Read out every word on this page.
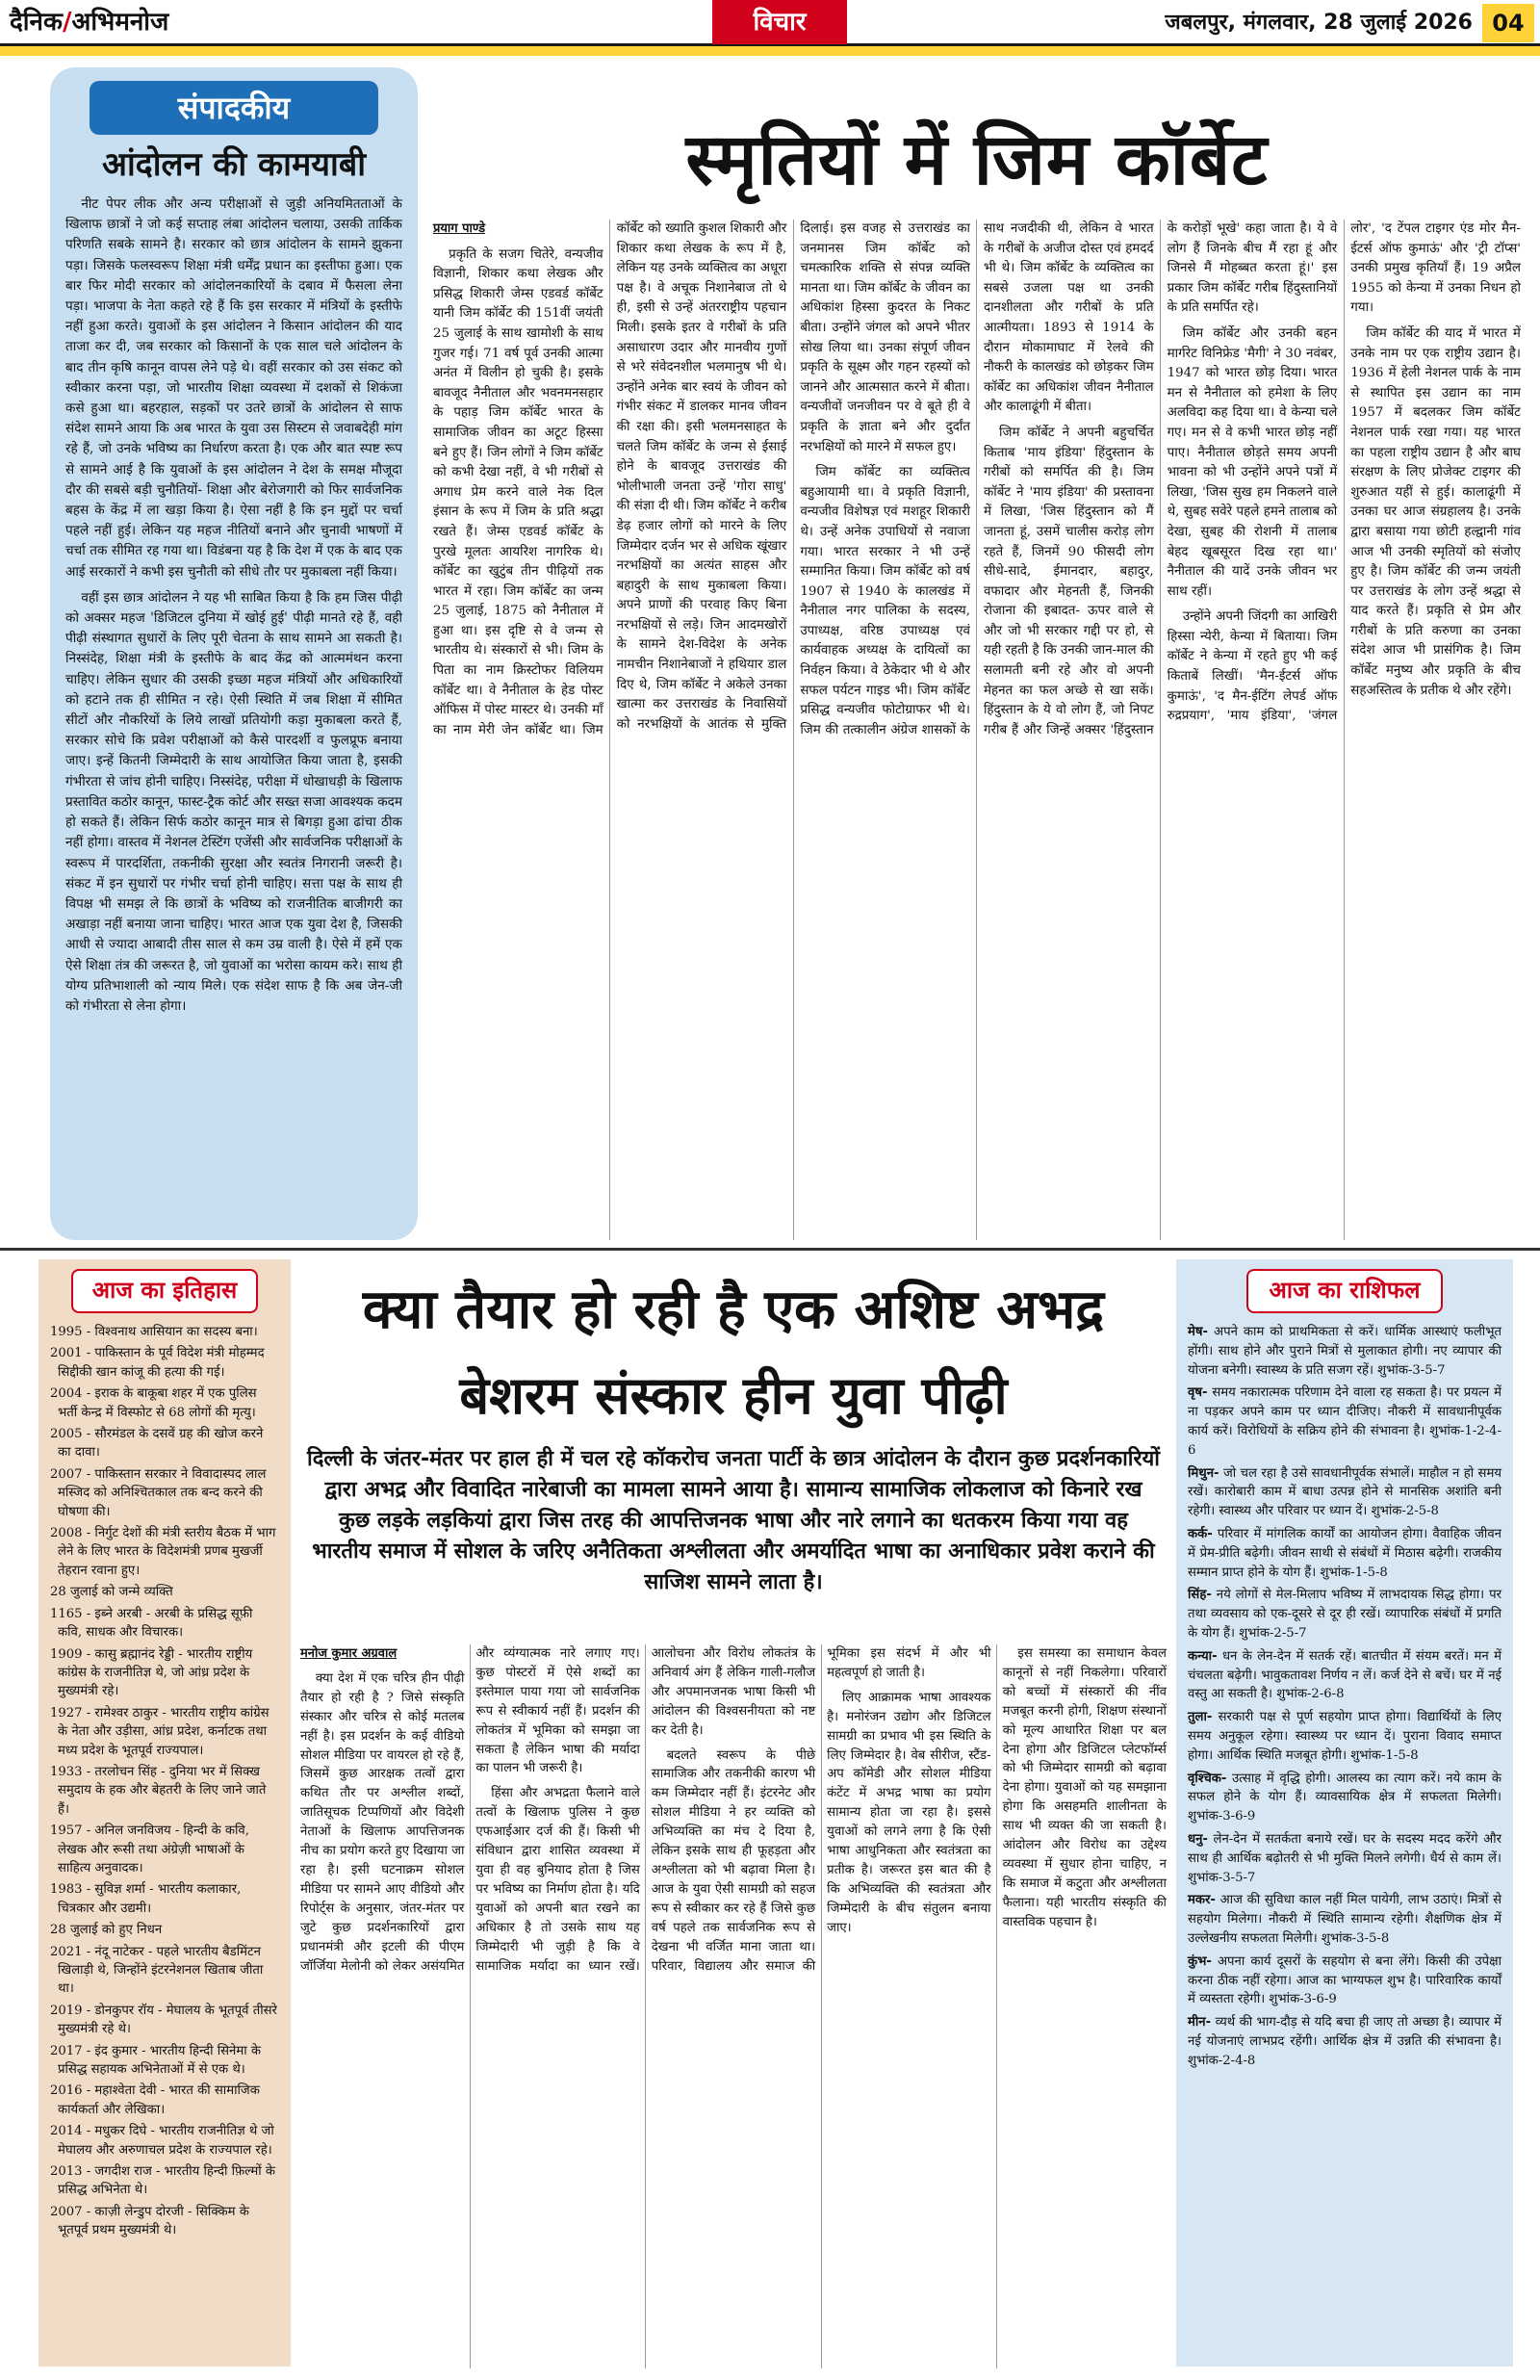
दैनिक/अभिमनोज	विचार	जबलपुर, मंगलवार, 28 जुलाई 2026 04
संपादकीय
आंदोलन की कामयाबी

नीट पेपर लीक और अन्य परीक्षाओं से जुड़ी अनियमितताओं के खिलाफ छात्रों ने जो कई सप्ताह लंबा आंदोलन चलाया, उसकी तार्किक परिणति सबके सामने है। सरकार को छात्र आंदोलन के सामने झुकना पड़ा। जिसके फलस्वरूप शिक्षा मंत्री धर्मेंद्र प्रधान का इस्तीफा हुआ। एक बार फिर मोदी सरकार को आंदोलनकारियों के दबाव में फैसला लेना पड़ा। भाजपा के नेता कहते रहे हैं कि इस सरकार में मंत्रियों के इस्तीफे नहीं हुआ करते। युवाओं के इस आंदोलन ने किसान आंदोलन की याद ताजा कर दी, जब सरकार को किसानों के एक साल चले आंदोलन के बाद तीन कृषि कानून वापस लेने पड़े थे। वहीं सरकार को उस संकट को स्वीकार करना पड़ा, जो भारतीय शिक्षा व्यवस्था में दशकों से शिकंजा कसे हुआ था। बहरहाल, सड़कों पर उतरे छात्रों के आंदोलन से साफ संदेश सामने आया कि अब भारत के युवा उस सिस्टम से जवाबदेही मांग रहे हैं, जो उनके भविष्य का निर्धारण करता है। एक और बात स्पष्ट रूप से सामने आई है कि युवाओं के इस आंदोलन ने देश के समक्ष मौजूदा दौर की सबसे बड़ी चुनौतियों- शिक्षा और बेरोजगारी को फिर सार्वजनिक बहस के केंद्र में ला खड़ा किया है। ऐसा नहीं है कि इन मुद्दों पर चर्चा पहले नहीं हुई। लेकिन यह महज नीतियों बनाने और चुनावी भाषणों में चर्चा तक सीमित रह गया था। विडंबना यह है कि देश में एक के बाद एक आई सरकारों ने कभी इस चुनौती को सीधे तौर पर मुकाबला नहीं किया।

वहीं इस छात्र आंदोलन ने यह भी साबित किया है कि हम जिस पीढ़ी को अक्सर महज 'डिजिटल दुनिया में खोई हुई' पीढ़ी मानते रहे हैं, वही पीढ़ी संस्थागत सुधारों के लिए पूरी चेतना के साथ सामने आ सकती है। निस्संदेह, शिक्षा मंत्री के इस्तीफे के बाद केंद्र को आत्ममंथन करना चाहिए। लेकिन सुधार की उसकी इच्छा महज मंत्रियों और अधिकारियों को हटाने तक ही सीमित न रहे। ऐसी स्थिति में जब शिक्षा में सीमित सीटों और नौकरियों के लिये लाखों प्रतियोगी कड़ा मुकाबला करते हैं, सरकार सोचे कि प्रवेश परीक्षाओं को कैसे पारदर्शी व फुलप्रूफ बनाया जाए। इन्हें कितनी जिम्मेदारी के साथ आयोजित किया जाता है, इसकी गंभीरता से जांच होनी चाहिए। निस्संदेह, परीक्षा में धोखाधड़ी के खिलाफ प्रस्तावित कठोर कानून, फास्ट-ट्रैक कोर्ट और सख्त सजा आवश्यक कदम हो सकते हैं। लेकिन सिर्फ कठोर कानून मात्र से बिगड़ा हुआ ढांचा ठीक नहीं होगा। वास्तव में नेशनल टेस्टिंग एजेंसी और सार्वजनिक परीक्षाओं के स्वरूप में पारदर्शिता, तकनीकी सुरक्षा और स्वतंत्र निगरानी जरूरी है। संकट में इन सुधारों पर गंभीर चर्चा होनी चाहिए। सत्ता पक्ष के साथ ही विपक्ष भी समझ ले कि छात्रों के भविष्य को राजनीतिक बाजीगरी का अखाड़ा नहीं बनाया जाना चाहिए। भारत आज एक युवा देश है, जिसकी आधी से ज्यादा आबादी तीस साल से कम उम्र वाली है। ऐसे में हमें एक ऐसे शिक्षा तंत्र की जरूरत है, जो युवाओं का भरोसा कायम करे। साथ ही योग्य प्रतिभाशाली को न्याय मिले। एक संदेश साफ है कि अब जेन-जी को गंभीरता से लेना होगा।

स्मृतियों में जिम कॉर्बेट

प्रयाग पाण्डे

प्रकृति के सजग चितेरे, वन्यजीव विज्ञानी, शिकार कथा लेखक और प्रसिद्ध शिकारी जेम्स एडवर्ड कॉर्बेट यानी जिम कॉर्बेट की 151वीं जयंती 25 जुलाई के साथ खामोशी के साथ गुजर गई। 71 वर्ष पूर्व उनकी आत्मा अनंत में विलीन हो चुकी है। इसके बावजूद नैनीताल और भवनमनसहार के पहाड़ जिम कॉर्बेट भारत के सामाजिक जीवन का अटूट हिस्सा बने हुए हैं। जिन लोगों ने जिम कॉर्बेट को कभी देखा नहीं, वे भी गरीबों से अगाध प्रेम करने वाले नेक दिल इंसान के रूप में जिम के प्रति श्रद्धा रखते हैं। जेम्स एडवर्ड कॉर्बेट के पुरखे मूलतः आयरिश नागरिक थे। कॉर्बेट का खुटुंब तीन पीढ़ियों तक भारत में रहा। जिम कॉर्बेट का जन्म 25 जुलाई, 1875 को नैनीताल में हुआ था। इस दृष्टि से वे जन्म से भारतीय थे। संस्कारों से भी। जिम के पिता का नाम क्रिस्टोफर विलियम कॉर्बेट था। वे नैनीताल के हेड पोस्ट ऑफिस में पोस्ट मास्टर थे। उनकी माँ का नाम मेरी जेन कॉर्बेट था। जिम कॉर्बेट को ख्याति कुशल शिकारी और शिकार कथा लेखक के रूप में है, लेकिन यह उनके व्यक्तित्व का अधूरा पक्ष है। वे अचूक निशानेबाज तो थे ही, इसी से उन्हें अंतरराष्ट्रीय पहचान मिली। इसके इतर वे गरीबों के प्रति असाधारण उदार और मानवीय गुणों से भरे संवेदनशील भलमानुष भी थे। उन्होंने अनेक बार स्वयं के जीवन को गंभीर संकट में डालकर मानव जीवन की रक्षा की। इसी भलमनसाहत के चलते जिम कॉर्बेट के जन्म से ईसाई होने के बावजूद उत्तराखंड की भोलीभाली जनता उन्हें 'गोरा साधु' की संज्ञा दी थी। जिम कॉर्बेट ने करीब डेढ़ हजार लोगों को मारने के लिए जिम्मेदार दर्जन भर से अधिक खूंखार नरभक्षियों का अत्यंत साहस और बहादुरी के साथ मुकाबला किया। अपने प्राणों की परवाह किए बिना नरभक्षियों से लड़े। जिन आदमखोरों के सामने देश-विदेश के अनेक नामचीन निशानेबाजों ने हथियार डाल दिए थे, जिम कॉर्बेट ने अकेले उनका खात्मा कर उत्तराखंड के निवासियों को नरभक्षियों के आतंक से मुक्ति दिलाई। इस वजह से उत्तराखंड का जनमानस जिम कॉर्बेट को चमत्कारिक शक्ति से संपन्न व्यक्ति मानता था। जिम कॉर्बेट के जीवन का अधिकांश हिस्सा कुदरत के निकट बीता। उन्होंने जंगल को अपने भीतर सोख लिया था। उनका संपूर्ण जीवन प्रकृति के सूक्ष्म और गहन रहस्यों को जानने और आत्मसात करने में बीता। वन्यजीवों जनजीवन पर वे बूते ही वे प्रकृति के ज्ञाता बने और दुर्दांत नरभक्षियों को मारने में सफल हुए।

जिम कॉर्बेट का व्यक्तित्व बहुआयामी था। वे प्रकृति विज्ञानी, वन्यजीव विशेषज्ञ एवं मशहूर शिकारी थे। उन्हें अनेक उपाधियों से नवाजा गया। भारत सरकार ने भी उन्हें सम्मानित किया। जिम कॉर्बेट को वर्ष 1907 से 1940 के कालखंड में नैनीताल नगर पालिका के सदस्य, उपाध्यक्ष, वरिष्ठ उपाध्यक्ष एवं कार्यवाहक अध्यक्ष के दायित्वों का निर्वहन किया। वे ठेकेदार भी थे और सफल पर्यटन गाइड भी। जिम कॉर्बेट प्रसिद्ध वन्यजीव फोटोग्राफर भी थे। जिम की तत्कालीन अंग्रेज शासकों के साथ नजदीकी थी, लेकिन वे भारत के गरीबों के अजीज दोस्त एवं हमदर्द भी थे। जिम कॉर्बेट के व्यक्तित्व का सबसे उजला पक्ष था उनकी दानशीलता और गरीबों के प्रति आत्मीयता। 1893 से 1914 के दौरान मोकामाघाट में रेलवे की नौकरी के कालखंड को छोड़कर जिम कॉर्बेट का अधिकांश जीवन नैनीताल और कालाढूंगी में बीता।

जिम कॉर्बेट ने अपनी बहुचर्चित किताब 'माय इंडिया' हिंदुस्तान के गरीबों को समर्पित की है। जिम कॉर्बेट ने 'माय इंडिया' की प्रस्तावना में लिखा, 'जिस हिंदुस्तान को मैं जानता हूं, उसमें चालीस करोड़ लोग रहते हैं, जिनमें 90 फीसदी लोग सीधे-सादे, ईमानदार, बहादुर, वफादार और मेहनती हैं, जिनकी रोजाना की इबादत- ऊपर वाले से और जो भी सरकार गद्दी पर हो, से यही रहती है कि उनकी जान-माल की सलामती बनी रहे और वो अपनी मेहनत का फल अच्छे से खा सकें। हिंदुस्तान के ये वो लोग हैं, जो निपट गरीब हैं और जिन्हें अक्सर 'हिंदुस्तान के करोड़ों भूखे' कहा जाता है। ये वे लोग हैं जिनके बीच मैं रहा हूं और जिनसे मैं मोहब्बत करता हूं।' इस प्रकार जिम कॉर्बेट गरीब हिंदुस्तानियों के प्रति समर्पित रहे।

जिम कॉर्बेट और उनकी बहन मार्गरेट विनिफ्रेड 'मैगी' ने 30 नवंबर, 1947 को भारत छोड़ दिया। भारत मन से नैनीताल को हमेशा के लिए अलविदा कह दिया था। वे केन्या चले गए। मन से वे कभी भारत छोड़ नहीं पाए। नैनीताल छोड़ते समय अपनी भावना को भी उन्होंने अपने पत्रों में लिखा, 'जिस सुख हम निकलने वाले थे, सुबह सवेरे पहले हमने तालाब को देखा, सुबह की रोशनी में तालाब बेहद खूबसूरत दिख रहा था।' नैनीताल की यादें उनके जीवन भर साथ रहीं।

उन्होंने अपनी जिंदगी का आखिरी हिस्सा न्येरी, केन्या में बिताया। जिम कॉर्बेट ने केन्या में रहते हुए भी कई किताबें लिखीं। 'मैन-ईटर्स ऑफ कुमाऊं', 'द मैन-ईटिंग लेपर्ड ऑफ रुद्रप्रयाग', 'माय इंडिया', 'जंगल लोर', 'द टेंपल टाइगर एंड मोर मैन-ईटर्स ऑफ कुमाऊं' और 'ट्री टॉप्स' उनकी प्रमुख कृतियाँ हैं। 19 अप्रैल 1955 को केन्या में उनका निधन हो गया।

जिम कॉर्बेट की याद में भारत में उनके नाम पर एक राष्ट्रीय उद्यान है। 1936 में हेली नेशनल पार्क के नाम से स्थापित इस उद्यान का नाम 1957 में बदलकर जिम कॉर्बेट नेशनल पार्क रखा गया। यह भारत का पहला राष्ट्रीय उद्यान है और बाघ संरक्षण के लिए प्रोजेक्ट टाइगर की शुरुआत यहीं से हुई। कालाढूंगी में उनका घर आज संग्रहालय है। उनके द्वारा बसाया गया छोटी हल्द्वानी गांव आज भी उनकी स्मृतियों को संजोए हुए है। जिम कॉर्बेट की जन्म जयंती पर उत्तराखंड के लोग उन्हें श्रद्धा से याद करते हैं। प्रकृति से प्रेम और गरीबों के प्रति करुणा का उनका संदेश आज भी प्रासंगिक है। जिम कॉर्बेट मनुष्य और प्रकृति के बीच सहअस्तित्व के प्रतीक थे और रहेंगे।

आज का इतिहास
1995 - विश्वनाथ आसियान का सदस्य बना।
2001 - पाकिस्तान के पूर्व विदेश मंत्री मोहम्मद सिद्दीकी खान कांजू की हत्या की गई।
2004 - इराक के बाकूबा शहर में एक पुलिस भर्ती केन्द्र में विस्फोट से 68 लोगों की मृत्यु।
2005 - सौरमंडल के दसवें ग्रह की खोज करने का दावा।
2007 - पाकिस्तान सरकार ने विवादास्पद लाल मस्जिद को अनिश्चितकाल तक बन्द करने की घोषणा की।
2008 - निर्गुट देशों की मंत्री स्तरीय बैठक में भाग लेने के लिए भारत के विदेशमंत्री प्रणब मुखर्जी तेहरान रवाना हुए।
28 जुलाई को जन्मे व्यक्ति
1165 - इब्ने अरबी - अरबी के प्रसिद्ध सूफ़ी कवि, साधक और विचारक।
1909 - कासु ब्रह्मानंद रेड्डी - भारतीय राष्ट्रीय कांग्रेस के राजनीतिज्ञ थे, जो आंध्र प्रदेश के मुख्यमंत्री रहे।
1927 - रामेश्वर ठाकुर - भारतीय राष्ट्रीय कांग्रेस के नेता और उड़ीसा, आंध्र प्रदेश, कर्नाटक तथा मध्य प्रदेश के भूतपूर्व राज्यपाल।
1933 - तरलोचन सिंह - दुनिया भर में सिक्ख समुदाय के हक और बेहतरी के लिए जाने जाते हैं।
1957 - अनिल जनविजय - हिन्दी के कवि, लेखक और रूसी तथा अंग्रेज़ी भाषाओं के साहित्य अनुवादक।
1983 - सुविज्ञ शर्मा - भारतीय कलाकार, चित्रकार और उद्यमी।
28 जुलाई को हुए निधन
2021 - नंदू नाटेकर - पहले भारतीय बैडमिंटन खिलाड़ी थे, जिन्होंने इंटरनेशनल खिताब जीता था।
2019 - डोनकुपर रॉय - मेघालय के भूतपूर्व तीसरे मुख्यमंत्री रहे थे।
2017 - इंद कुमार - भारतीय हिन्दी सिनेमा के प्रसिद्ध सहायक अभिनेताओं में से एक थे।
2016 - महाश्वेता देवी - भारत की सामाजिक कार्यकर्ता और लेखिका।
2014 - मधुकर दिघे - भारतीय राजनीतिज्ञ थे जो मेघालय और अरुणाचल प्रदेश के राज्यपाल रहे।
2013 - जगदीश राज - भारतीय हिन्दी फ़िल्मों के प्रसिद्ध अभिनेता थे।
2007 - काज़ी लेन्डुप दोरजी - सिक्किम के भूतपूर्व प्रथम मुख्यमंत्री थे।
क्या तैयार हो रही है एक अशिष्ट अभद्र
बेशरम संस्कार हीन युवा पीढ़ी
दिल्ली के जंतर-मंतर पर हाल ही में चल रहे कॉकरोच जनता पार्टी के छात्र आंदोलन के दौरान कुछ प्रदर्शनकारियों द्वारा अभद्र और विवादित नारेबाजी का मामला सामने आया है। सामान्य सामाजिक लोकलाज को किनारे रख कुछ लड़के लड़कियां द्वारा जिस तरह की आपत्तिजनक भाषा और नारे लगाने का धतकरम किया गया वह भारतीय समाज में सोशल के जरिए अनैतिकता अश्लीलता और अमर्यादित भाषा का अनाधिकार प्रवेश कराने की साजिश सामने लाता है।

मनोज कुमार अग्रवाल

क्या देश में एक चरित्र हीन पीढ़ी तैयार हो रही है ? जिसे संस्कृति संस्कार और चरित्र से कोई मतलब नहीं है। इस प्रदर्शन के कई वीडियो सोशल मीडिया पर वायरल हो रहे हैं, जिसमें कुछ आरक्षक तत्वों द्वारा कथित तौर पर अश्लील शब्दों, जातिसूचक टिप्पणियों और विदेशी नेताओं के खिलाफ आपत्तिजनक नीच का प्रयोग करते हुए दिखाया जा रहा है। इसी घटनाक्रम सोशल मीडिया पर सामने आए वीडियो और रिपोर्ट्स के अनुसार, जंतर-मंतर पर जुटे कुछ प्रदर्शनकारियों द्वारा प्रधानमंत्री और इटली की पीएम जॉर्जिया मेलोनी को लेकर असंयमित और व्यंग्यात्मक नारे लगाए गए। कुछ पोस्टरों में ऐसे शब्दों का इस्तेमाल पाया गया जो सार्वजनिक रूप से स्वीकार्य नहीं हैं। प्रदर्शन की लोकतंत्र में भूमिका को समझा जा सकता है लेकिन भाषा की मर्यादा का पालन भी जरूरी है।

हिंसा और अभद्रता फैलाने वाले तत्वों के खिलाफ पुलिस ने कुछ एफआईआर दर्ज की हैं। किसी भी संविधान द्वारा शासित व्यवस्था में युवा ही वह बुनियाद होता है जिस पर भविष्य का निर्माण होता है। यदि युवाओं को अपनी बात रखने का अधिकार है तो उसके साथ यह जिम्मेदारी भी जुड़ी है कि वे सामाजिक मर्यादा का ध्यान रखें। आलोचना और विरोध लोकतंत्र के अनिवार्य अंग हैं लेकिन गाली-गलौज और अपमानजनक भाषा किसी भी आंदोलन की विश्वसनीयता को नष्ट कर देती है।

बदलते स्वरूप के पीछे सामाजिक और तकनीकी कारण भी कम जिम्मेदार नहीं हैं। इंटरनेट और सोशल मीडिया ने हर व्यक्ति को अभिव्यक्ति का मंच दे दिया है, लेकिन इसके साथ ही फूहड़ता और अश्लीलता को भी बढ़ावा मिला है। आज के युवा ऐसी सामग्री को सहज रूप से स्वीकार कर रहे हैं जिसे कुछ वर्ष पहले तक सार्वजनिक रूप से देखना भी वर्जित माना जाता था। परिवार, विद्यालय और समाज की भूमिका इस संदर्भ में और भी महत्वपूर्ण हो जाती है।

लिए आक्रामक भाषा आवश्यक है। मनोरंजन उद्योग और डिजिटल सामग्री का प्रभाव भी इस स्थिति के लिए जिम्मेदार है। वेब सीरीज, स्टैंड-अप कॉमेडी और सोशल मीडिया कंटेंट में अभद्र भाषा का प्रयोग सामान्य होता जा रहा है। इससे युवाओं को लगने लगा है कि ऐसी भाषा आधुनिकता और स्वतंत्रता का प्रतीक है। जरूरत इस बात की है कि अभिव्यक्ति की स्वतंत्रता और जिम्मेदारी के बीच संतुलन बनाया जाए।

इस समस्या का समाधान केवल कानूनों से नहीं निकलेगा। परिवारों को बच्चों में संस्कारों की नींव मजबूत करनी होगी, शिक्षण संस्थानों को मूल्य आधारित शिक्षा पर बल देना होगा और डिजिटल प्लेटफॉर्म्स को भी जिम्मेदार सामग्री को बढ़ावा देना होगा। युवाओं को यह समझाना होगा कि असहमति शालीनता के साथ भी व्यक्त की जा सकती है। आंदोलन और विरोध का उद्देश्य व्यवस्था में सुधार होना चाहिए, न कि समाज में कटुता और अश्लीलता फैलाना। यही भारतीय संस्कृति की वास्तविक पहचान है।

आज का राशिफल
मेष- अपने काम को प्राथमिकता से करें। धार्मिक आस्थाएं फलीभूत होंगी। साथ होने और पुराने मित्रों से मुलाकात होगी। नए व्यापार की योजना बनेगी। स्वास्थ्य के प्रति सजग रहें। शुभांक-3-5-7
वृष- समय नकारात्मक परिणाम देने वाला रह सकता है। पर प्रयत्न में ना पड़कर अपने काम पर ध्यान दीजिए। नौकरी में सावधानीपूर्वक कार्य करें। विरोधियों के सक्रिय होने की संभावना है। शुभांक-1-2-4-6
मिथुन- जो चल रहा है उसे सावधानीपूर्वक संभालें। माहौल न हो समय रखें। कारोबारी काम में बाधा उत्पन्न होने से मानसिक अशांति बनी रहेगी। स्वास्थ्य और परिवार पर ध्यान दें। शुभांक-2-5-8
कर्क- परिवार में मांगलिक कार्यों का आयोजन होगा। वैवाहिक जीवन में प्रेम-प्रीति बढ़ेगी। जीवन साथी से संबंधों में मिठास बढ़ेगी। राजकीय सम्मान प्राप्त होने के योग हैं। शुभांक-1-5-8
सिंह- नये लोगों से मेल-मिलाप भविष्य में लाभदायक सिद्ध होगा। पर तथा व्यवसाय को एक-दूसरे से दूर ही रखें। व्यापारिक संबंधों में प्रगति के योग हैं। शुभांक-2-5-7
कन्या- धन के लेन-देन में सतर्क रहें। बातचीत में संयम बरतें। मन में चंचलता बढ़ेगी। भावुकतावश निर्णय न लें। कर्ज देने से बचें। घर में नई वस्तु आ सकती है। शुभांक-2-6-8
तुला- सरकारी पक्ष से पूर्ण सहयोग प्राप्त होगा। विद्यार्थियों के लिए समय अनुकूल रहेगा। स्वास्थ्य पर ध्यान दें। पुराना विवाद समाप्त होगा। आर्थिक स्थिति मजबूत होगी। शुभांक-1-5-8
वृश्चिक- उत्साह में वृद्धि होगी। आलस्य का त्याग करें। नये काम के सफल होने के योग हैं। व्यावसायिक क्षेत्र में सफलता मिलेगी। शुभांक-3-6-9
धनु- लेन-देन में सतर्कता बनाये रखें। घर के सदस्य मदद करेंगे और साथ ही आर्थिक बढ़ोतरी से भी मुक्ति मिलने लगेगी। धैर्य से काम लें। शुभांक-3-5-7
मकर- आज की सुविधा काल नहीं मिल पायेगी, लाभ उठाएं। मित्रों से सहयोग मिलेगा। नौकरी में स्थिति सामान्य रहेगी। शैक्षणिक क्षेत्र में उल्लेखनीय सफलता मिलेगी। शुभांक-3-5-8
कुंभ- अपना कार्य दूसरों के सहयोग से बना लेंगे। किसी की उपेक्षा करना ठीक नहीं रहेगा। आज का भाग्यफल शुभ है। पारिवारिक कार्यों में व्यस्तता रहेगी। शुभांक-3-6-9
मीन- व्यर्थ की भाग-दौड़ से यदि बचा ही जाए तो अच्छा है। व्यापार में नई योजनाएं लाभप्रद रहेंगी। आर्थिक क्षेत्र में उन्नति की संभावना है। शुभांक-2-4-8
